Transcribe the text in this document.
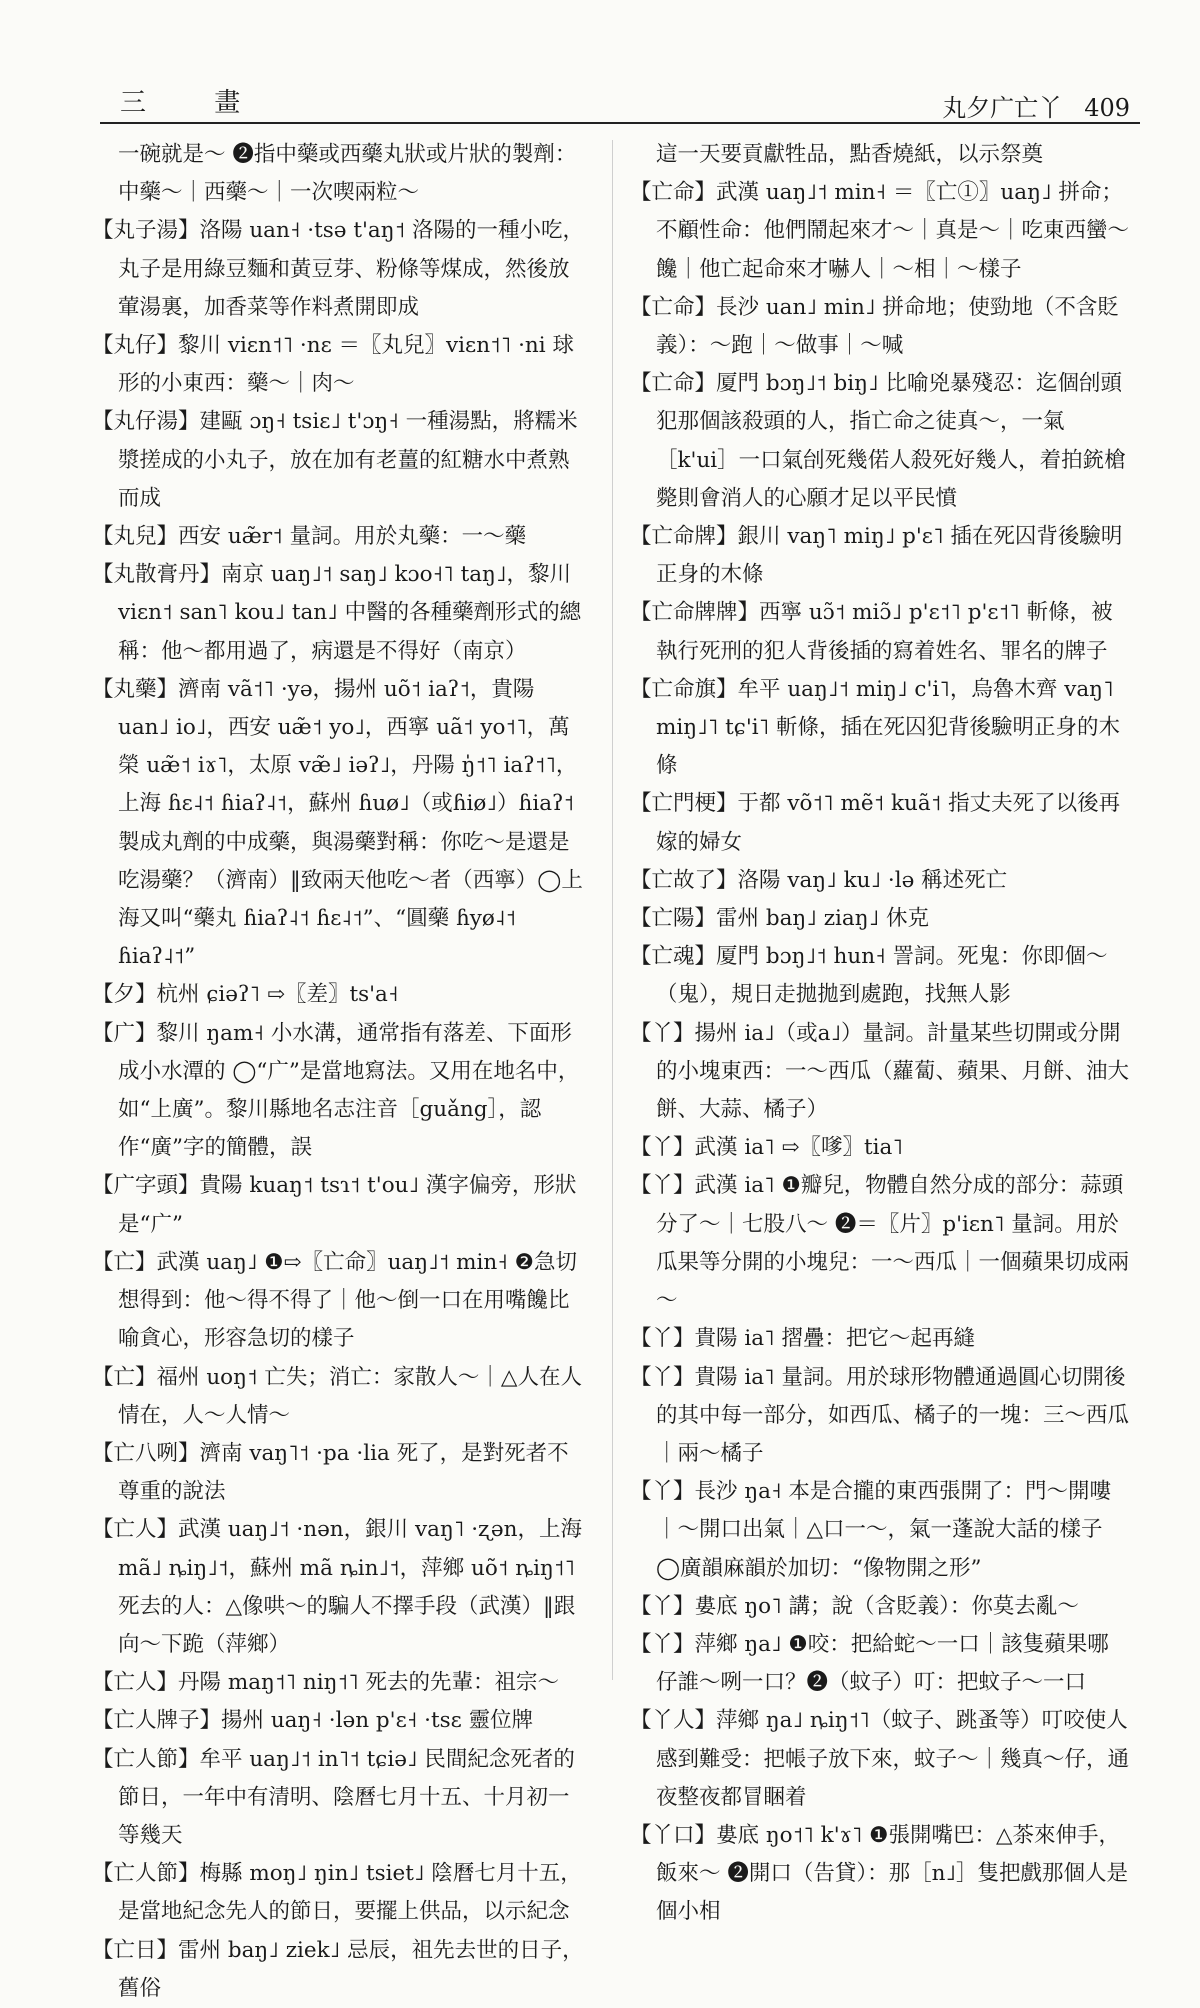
三 畫	丸夕广亡丫 409

一碗就是～ ❷指中藥或西藥丸狀或片狀的製劑：中藥～｜西藥～｜一次喫兩粒～

【丸子湯】洛陽 uan˧ ·tsə t'aŋ˦ 洛陽的一種小吃，丸子是用綠豆麵和黃豆芽、粉條等煤成，然後放葷湯裏，加香菜等作料煮開即成

【丸仔】黎川 viɛn˦˥ ·nɛ ＝〖丸兒〗viɛn˦˥ ·ni 球形的小東西：藥～｜肉～

【丸仔湯】建甌 ɔŋ˧ tsiɛ˩ t'ɔŋ˧ 一種湯點，將糯米漿搓成的小丸子，放在加有老薑的紅糖水中煮熟而成

【丸兒】西安 uæ̃r˦ 量詞。用於丸藥：一～藥

【丸散膏丹】南京 uaŋ˩˦ saŋ˩ kɔo˧˥ taŋ˩，黎川 viɛn˦ san˥ kou˩ tan˩ 中醫的各種藥劑形式的總稱：他～都用過了，病還是不得好（南京）

【丸藥】濟南 vã˦˥ ·yə，揚州 uõ˦ iaʔ˦，貴陽 uan˩ io˩，西安 uæ̃˦ yo˩，西寧 uã˦ yo˦˥，萬榮 uæ̃˦ iɤ˥，太原 væ̃˩ iəʔ˩，丹陽 ŋ̍˦˥ iaʔ˦˥，上海 ɦɛ˨˦ ɦiaʔ˨˦，蘇州 ɦuø˩（或ɦiø˩）ɦiaʔ˦ 製成丸劑的中成藥，與湯藥對稱：你吃～是還是吃湯藥？（濟南）‖致兩天他吃～者（西寧）◯上海又叫“藥丸 ɦiaʔ˨˦ ɦɛ˨˦”、“圓藥 ɦyø˨˦ ɦiaʔ˨˦”

【夕】杭州 ɕiəʔ˥ ⇨〖差〗ts'a˧

【广】黎川 ŋam˧ 小水溝，通常指有落差、下面形成小水潭的 ◯“广”是當地寫法。又用在地名中，如“上廣”。黎川縣地名志注音［guǎng］，認作“廣”字的簡體，誤

【广字頭】貴陽 kuaŋ˦ tsɿ˦ t'ou˩ 漢字偏旁，形狀是“广”

【亡】武漢 uaŋ˩ ❶⇨〖亡命〗uaŋ˩˦ min˧ ❷急切想得到：他～得不得了｜他～倒一口在用嘴饞比喻貪心，形容急切的樣子

【亡】福州 uoŋ˦ 亡失；消亡：家散人～｜△人在人情在，人～人情～

【亡八咧】濟南 vaŋ˥˦ ·pa ·lia 死了，是對死者不尊重的說法

【亡人】武漢 uaŋ˩˦ ·nən，銀川 vaŋ˥ ·ʐən，上海 mã˩ ȵiŋ˩˦，蘇州 mã ȵin˩˦，萍鄉 uõ˦ ȵiŋ˦˥ 死去的人：△像哄～的騙人不擇手段（武漢）‖跟向～下跪（萍鄉）

【亡人】丹陽 maŋ˦˥ niŋ˦˥ 死去的先輩：祖宗～

【亡人牌子】揚州 uaŋ˧ ·lən p'ɛ˧ ·tsɛ 靈位牌

【亡人節】牟平 uaŋ˩˦ in˥˦ tɕiə˩ 民間紀念死者的節日，一年中有清明、陰曆七月十五、十月初一等幾天

【亡人節】梅縣 moŋ˩ ŋin˩ tsiet˩ 陰曆七月十五，是當地紀念先人的節日，要擺上供品，以示紀念

【亡日】雷州 baŋ˩ ziek˩ 忌辰，祖先去世的日子，舊俗

這一天要貢獻牲品，點香燒紙，以示祭奠

【亡命】武漢 uaŋ˩˦ min˧ ＝〖亡①〗uaŋ˩ 拼命；不顧性命：他們鬧起來才～｜真是～｜吃東西蠻～饞｜他亡起命來才嚇人｜～相｜～樣子

【亡命】長沙 uan˩ min˩ 拼命地；使勁地（不含貶義）：～跑｜～做事｜～喊

【亡命】厦門 bɔŋ˩˦ biŋ˩ 比喻兇暴殘忍：迄個刣頭犯那個該殺頭的人，指亡命之徒真～，一氣［k'ui］一口氣刣死幾偌人殺死好幾人，着拍銃槍斃則會消人的心願才足以平民憤

【亡命牌】銀川 vaŋ˥ miŋ˩ p'ɛ˥ 插在死囚背後驗明正身的木條

【亡命牌牌】西寧 uɔ̃˦ miɔ̃˩ p'ɛ˦˥ p'ɛ˦˥ 斬條，被執行死刑的犯人背後插的寫着姓名、罪名的牌子

【亡命旗】牟平 uaŋ˩˦ miŋ˩ c'i˥，烏魯木齊 vaŋ˥ miŋ˩˥ tɕ'i˥ 斬條，插在死囚犯背後驗明正身的木條

【亡門梗】于都 võ˦˥ mẽ˦ kuã˦ 指丈夫死了以後再嫁的婦女

【亡故了】洛陽 vaŋ˩ ku˩ ·lə 稱述死亡

【亡陽】雷州 baŋ˩ ziaŋ˩ 休克

【亡魂】厦門 bɔŋ˩˦ hun˧ 詈詞。死鬼：你即個～（鬼），規日走拋拋到處跑，找無人影

【丫】揚州 ia˩（或a˩）量詞。計量某些切開或分開的小塊東西：一～西瓜（蘿蔔、蘋果、月餅、油大餅、大蒜、橘子）

【丫】武漢 ia˥ ⇨〖嗲〗tia˥

【丫】武漢 ia˥ ❶瓣兒，物體自然分成的部分：蒜頭分了～｜七股八～ ❷＝〖片〗p'iɛn˥ 量詞。用於瓜果等分開的小塊兒：一～西瓜｜一個蘋果切成兩～

【丫】貴陽 ia˥ 摺疊：把它～起再縫

【丫】貴陽 ia˥ 量詞。用於球形物體通過圓心切開後的其中每一部分，如西瓜、橘子的一塊：三～西瓜｜兩～橘子

【丫】長沙 ŋa˧ 本是合攏的東西張開了：門～開嘍｜～開口出氣｜△口一～，氣一蓬說大話的樣子 ◯廣韻麻韻於加切：“像物開之形”

【丫】婁底 ŋo˥ 講；說（含貶義）：你莫去亂～

【丫】萍鄉 ŋa˩ ❶咬：把給蛇～一口｜該隻蘋果哪仔誰～咧一口？❷（蚊子）叮：把蚊子～一口

【丫人】萍鄉 ŋa˩ ȵiŋ˦˥（蚊子、跳蚤等）叮咬使人感到難受：把帳子放下來，蚊子～｜幾真～仔，通夜整夜都冒睏着

【丫口】婁底 ŋo˦˥ k'ɤ˥ ❶張開嘴巴：△茶來伸手，飯來～ ❷開口（告貸）：那［n˩］隻把戲那個人是個小相
